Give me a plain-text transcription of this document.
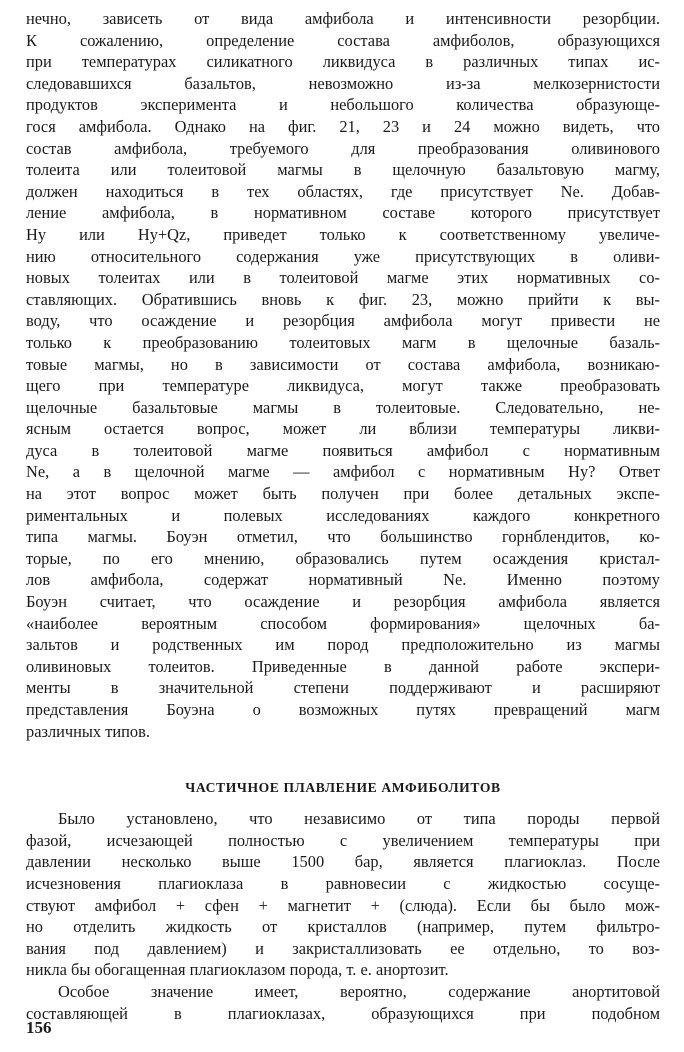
нечно, зависеть от вида амфибола и интенсивности резорбции.
К сожалению, определение состава амфиболов, образующихся
при температурах силикатного ликвидуса в различных типах ис-
следовавшихся базальтов, невозможно из-за мелкозернистости
продуктов эксперимента и небольшого количества образующе-
гося амфибола. Однако на фиг. 21, 23 и 24 можно видеть, что
состав амфибола, требуемого для преобразования оливинового
толеита или толеитовой магмы в щелочную базальтовую магму,
должен находиться в тех областях, где присутствует Ne. Добав-
ление амфибола, в нормативном составе которого присутствует
Hy или Hy+Qz, приведет только к соответственному увеличе-
нию относительного содержания уже присутствующих в оливи-
новых толеитах или в толеитовой магме этих нормативных со-
ставляющих. Обратившись вновь к фиг. 23, можно прийти к вы-
воду, что осаждение и резорбция амфибола могут привести не
только к преобразованию толеитовых магм в щелочные базаль-
товые магмы, но в зависимости от состава амфибола, возникаю-
щего при температуре ликвидуса, могут также преобразовать
щелочные базальтовые магмы в толеитовые. Следовательно, не-
ясным остается вопрос, может ли вблизи температуры ликви-
дуса в толеитовой магме появиться амфибол с нормативным
Ne, а в щелочной магме — амфибол с нормативным Hy? Ответ
на этот вопрос может быть получен при более детальных экспе-
риментальных и полевых исследованиях каждого конкретного
типа магмы. Боуэн отметил, что большинство горнблендитов, ко-
торые, по его мнению, образовались путем осаждения кристал-
лов амфибола, содержат нормативный Ne. Именно поэтому
Боуэн считает, что осаждение и резорбция амфибола является
«наиболее вероятным способом формирования» щелочных ба-
зальтов и родственных им пород предположительно из магмы
оливиновых толеитов. Приведенные в данной работе экспери-
менты в значительной степени поддерживают и расширяют
представления Боуэна о возможных путях превращений магм
различных типов.
ЧАСТИЧНОЕ ПЛАВЛЕНИЕ АМФИБОЛИТОВ
Было установлено, что независимо от типа породы первой
фазой, исчезающей полностью с увеличением температуры при
давлении несколько выше 1500 бар, является плагиоклаз. После
исчезновения плагиоклаза в равновесии с жидкостью сосуще-
ствуют амфибол + сфен + магнетит + (слюда). Если бы было мож-
но отделить жидкость от кристаллов (например, путем фильтро-
вания под давлением) и закристаллизовать ее отдельно, то воз-
никла бы обогащенная плагиоклазом порода, т. е. анортозит.
Особое значение имеет, вероятно, содержание анортитовой
составляющей в плагиоклазах, образующихся при подобном
156
